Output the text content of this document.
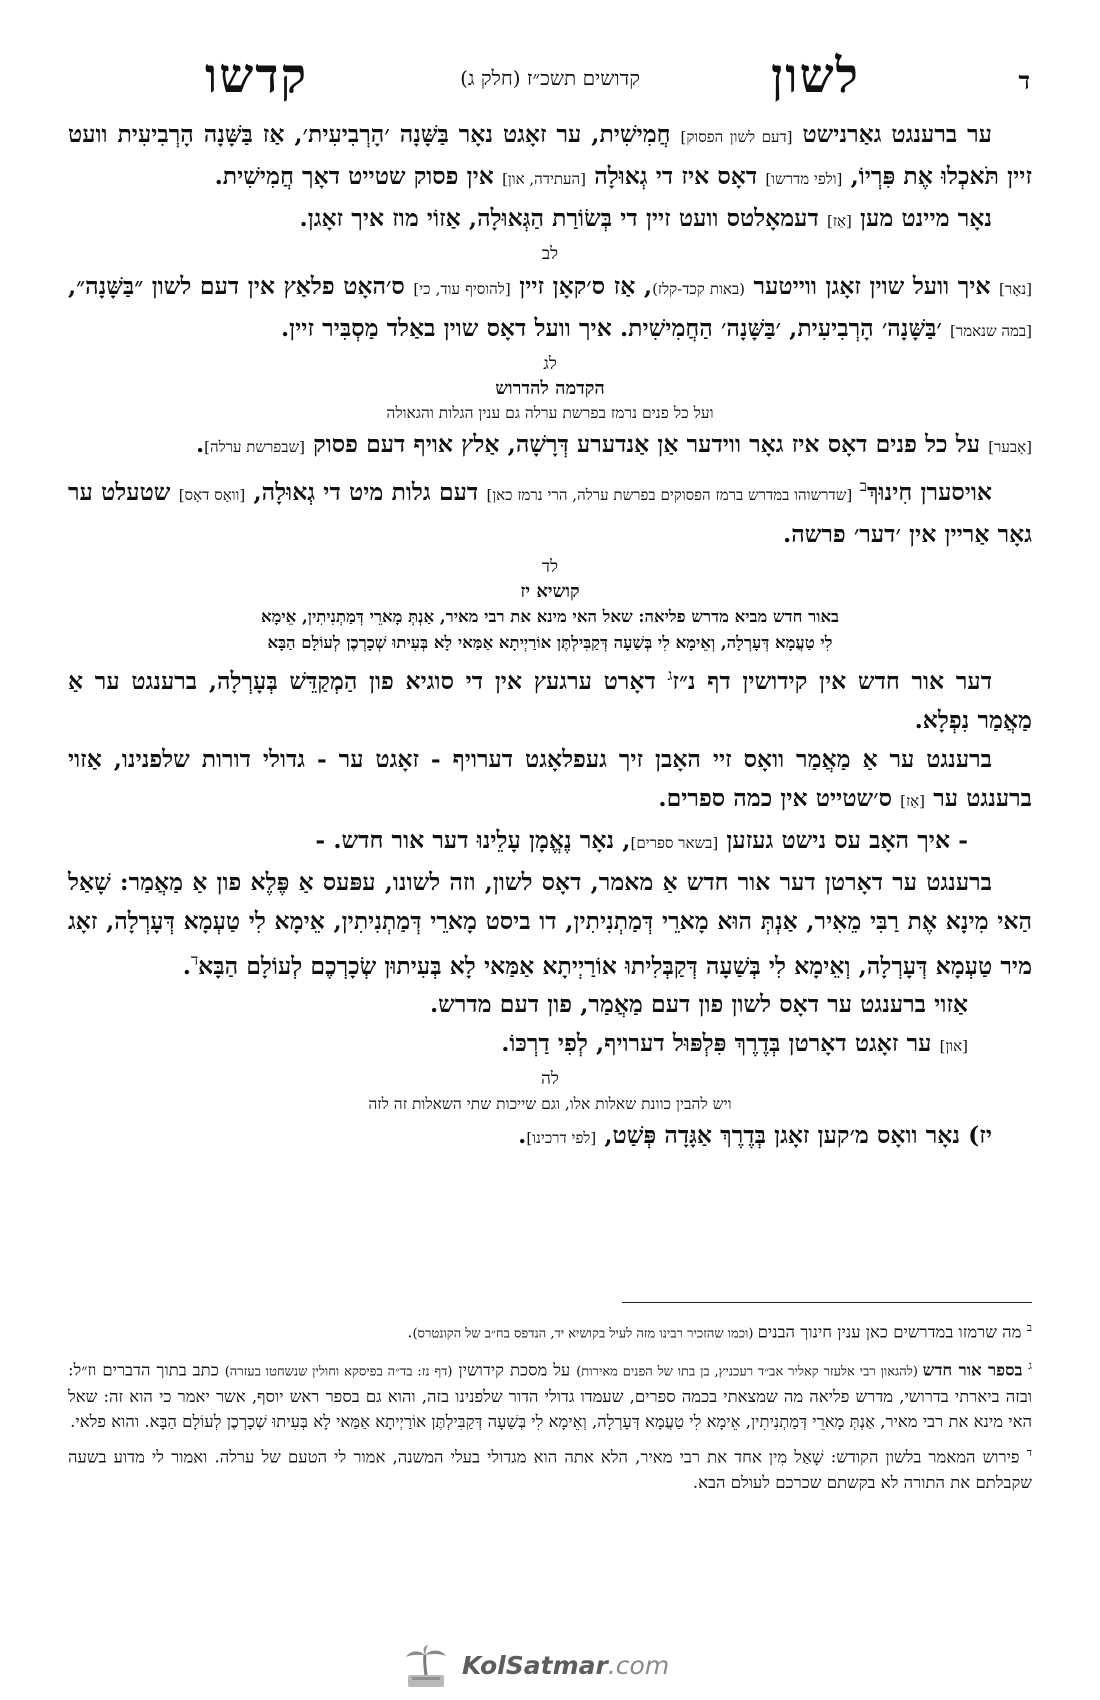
ד
לשון
קדושים תשכ״ז (חלק ג)
קדשו

ער ברענגט גאַרנישט [דעם לשון הפסוק] חֲמִישִׁית, ער זאָגט נאָר בַּשָּׁנָה ׳הָרְבִיעִית׳, אַז בַּשָּׁנָה הָרְבִיעִית וועט זיין תֹּאכְלוּ אֶת פִּרְיוֹ, [ולפי מדרשו] דאָס איז די גְאוּלָה [העתידה, און] אין פסוק שטייט דאָך חֲמִישִׁית.

נאָר מיינט מען [אַז] דעמאָלטס וועט זיין די בְּשׂוֹרַת הַגְּאוּלָה, אַזוֹי מוז איך זאָגן.

לב

[נאָר] איך וועל שוין זאָגן ווייטער (באות קכד-קלז), אַז ס׳קאָן זיין [להוסיף עוד, כי] ס׳האָט פלאַץ אין דעם לשון ״בַּשָּׁנָה״, [במה שנאמר] ׳בַּשָּׁנָה׳ הָרְבִיעִית, ׳בַּשָּׁנָה׳ הַחֲמִישִׁית. איך וועל דאָס שוין באַלד מַסְבִּיר זיין.

לג
הקדמה להדרוש
ועל כל פנים נרמז בפרשת ערלה גם ענין הגלות והגאולה

[אָבער] על כל פנים דאָס איז גאָר ווידער אַן אַנדערע דְּרָשָׁה, אַלץ אויף דעם פסוק [שבפרשת ערלה].

אויסערן חִינוּךְ$^ב$ [שדרשוהו במדרש ברמז הפסוקים בפרשת ערלה, הרי נרמז כאן] דעם גלות מיט די גְאוּלָה, [וואָס דאָס] שטעלט ער גאָר אַריין אין ׳דער׳ פרשה.

לד
קושיא יז
באור חדש מביא מדרש פליאה: שאל האי מינא את רבי מאיר, אַנְתְּ מָארֵי דְּמַתְנִיתִין, אֵימָא
לִי טַעֲמָא דְּעָרְלָה, וְאֵימָא לִי בְּשַׁעָה דְּקַבִּילְתֶּן אוֹרַיְיתָא אַמַּאי לָא בְּעִיתוּ שְׁכָרְכֶן לְעוֹלָם הַבָּא

דער אור חדש אין קידושין דף נ״ז$^ג$ דאָרט ערגעץ אין די סוגיא פון הַמְקַדֵּשׁ בְּעָרְלָה, ברענגט ער אַ מַאֲמַר נִפְלָא.

ברענגט ער אַ מַאֲמַר וואָס זיי האָבן זיך געפלאָגט דערויף - זאָגט ער - גדולי דורות שלפנינו, אַזוי ברענגט ער [אַז] ס׳שטייט אין כמה ספרים.

- איך האָב עס נישט געזען [בשאר ספרים], נאָר נֶאֱמָן עָלֵינוּ דער אור חדש. -

ברענגט ער דאָרטן דער אור חדש אַ מאמר, דאָס לשון, וזה לשונו, עפּעס אַ פֶּלֶא פון אַ מַאֲמַר: שָׁאַל הַאי מִינָא אֶת רַבִּי מֵאִיר, אַנְתְּ הוּא מָארֵי דְּמַתְנִיתִין, דו ביסט מָארֵי דְּמַתְנִיתִין, אֵימָא לִי טַעְמָא דְּעָרְלָה, זאָג מיר טַעְמָא דְּעָרְלָה, וְאֵימָא לִי בְּשַׁעָה דְּקַבְּלִיתוּ אוֹרַיְיתָא אַמַּאי לָא בְּעִיתוּן שְׂכָרְכֶם לְעוֹלָם הַבָּא$^ד$.

אַזוי ברענגט ער דאָס לשון פון דעם מַאֲמַר, פון דעם מדרש.

[און] ער זאָגט דאָרטן בְּדֶרֶךְ פִּלְפּוּל דערויף, לְפִי דַרְכּוֹ.

לה
ויש להבין כוונת שאלות אלו, וגם שייכות שתי השאלות זה לזה

יז) נאָר וואָס מ׳קען זאָגן בְּדֶרֶךְ אַגָּדָה פְּשַׁט, [לפי דרכינו].

$^ב$ מה שרמזו במדרשים כאן ענין חינוך הבנים (וכמו שהזכיר רבינו מזה לעיל בקושיא יד, הנדפס בח״ב של הקונטרס).
$^ג$ בספר אור חדש (להגאון רבי אלעזר קאליר אב״ד רעכניץ, בן בתו של הפנים מאירות) על מסכת קידושין (דף נז: בד״ה בפיסקא וחולין שנשחטו בעזרה) כתב בתוך הדברים וז״ל: ובזה ביארתי בדרושי, מדרש פליאה מה שמצאתי בכמה ספרים, שעמדו גדולי הדור שלפנינו בזה, והוא גם בספר ראש יוסף, אשר יאמר כי הוא זה: שאל האי מינא את רבי מאיר, אַנְתְּ מָארֵי דְּמַתְנִיתִין, אֵימָא לִי טַעֲמָא דְּעָרְלָה, וְאֵימָא לִי בְּשַׁעָה דְּקַבִּילְתֶּן אוֹרַיְיתָא אַמַּאי לָא בְּעִיתוּ שְׁכָרְכֶן לְעוֹלָם הַבָּא. והוא פלאי.
$^ד$ פירוש המאמר בלשון הקודש: שָׁאַל מִין אחד את רבי מאיר, הלא אתה הוא מגדולי בעלי המשנה, אמור לי הטעם של ערלה. ואמור לי מדוע בשעה שקבלתם את התורה לא בקשתם שכרכם לעולם הבא.
KolSatmar.com
